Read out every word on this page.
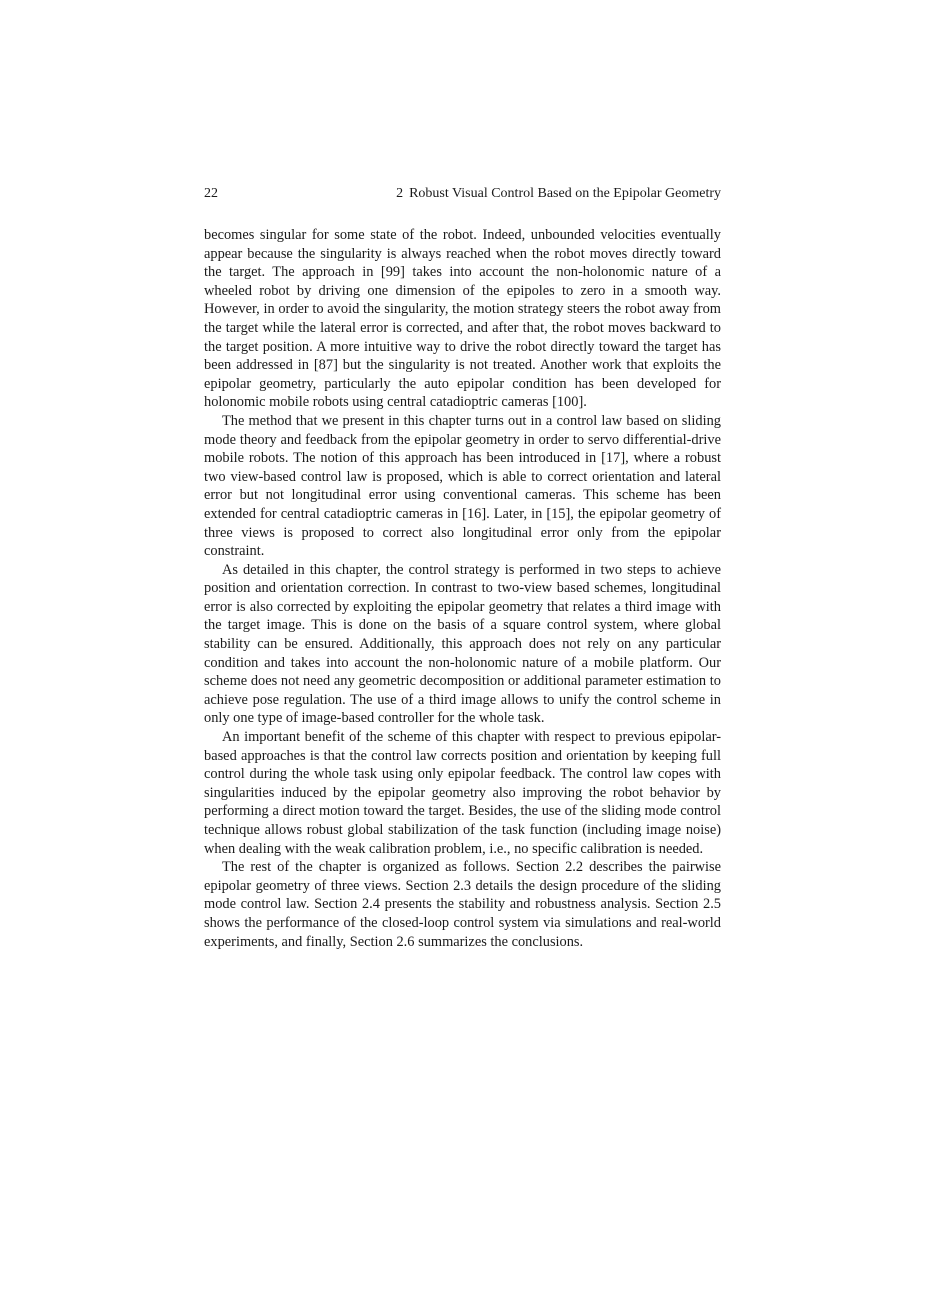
22	2 Robust Visual Control Based on the Epipolar Geometry

becomes singular for some state of the robot. Indeed, unbounded velocities eventually appear because the singularity is always reached when the robot moves directly toward the target. The approach in [99] takes into account the non-holonomic nature of a wheeled robot by driving one dimension of the epipoles to zero in a smooth way. However, in order to avoid the singularity, the motion strategy steers the robot away from the target while the lateral error is corrected, and after that, the robot moves backward to the target position. A more intuitive way to drive the robot directly toward the target has been addressed in [87] but the singularity is not treated. Another work that exploits the epipolar geometry, particularly the auto epipolar condition has been developed for holonomic mobile robots using central catadioptric cameras [100].

The method that we present in this chapter turns out in a control law based on sliding mode theory and feedback from the epipolar geometry in order to servo differential-drive mobile robots. The notion of this approach has been introduced in [17], where a robust two view-based control law is proposed, which is able to correct orientation and lateral error but not longitudinal error using conventional cameras. This scheme has been extended for central catadioptric cameras in [16]. Later, in [15], the epipolar geometry of three views is proposed to correct also longitudinal error only from the epipolar constraint.

As detailed in this chapter, the control strategy is performed in two steps to achieve position and orientation correction. In contrast to two-view based schemes, longitudinal error is also corrected by exploiting the epipolar geometry that relates a third image with the target image. This is done on the basis of a square control system, where global stability can be ensured. Additionally, this approach does not rely on any particular condition and takes into account the non-holonomic nature of a mobile platform. Our scheme does not need any geometric decomposition or additional parameter estimation to achieve pose regulation. The use of a third image allows to unify the control scheme in only one type of image-based controller for the whole task.

An important benefit of the scheme of this chapter with respect to previous epipolar-based approaches is that the control law corrects position and orientation by keeping full control during the whole task using only epipolar feedback. The control law copes with singularities induced by the epipolar geometry also improving the robot behavior by performing a direct motion toward the target. Besides, the use of the sliding mode control technique allows robust global stabilization of the task function (including image noise) when dealing with the weak calibration problem, i.e., no specific calibration is needed.

The rest of the chapter is organized as follows. Section 2.2 describes the pairwise epipolar geometry of three views. Section 2.3 details the design procedure of the sliding mode control law. Section 2.4 presents the stability and robustness analysis. Section 2.5 shows the performance of the closed-loop control system via simulations and real-world experiments, and finally, Section 2.6 summarizes the conclusions.
